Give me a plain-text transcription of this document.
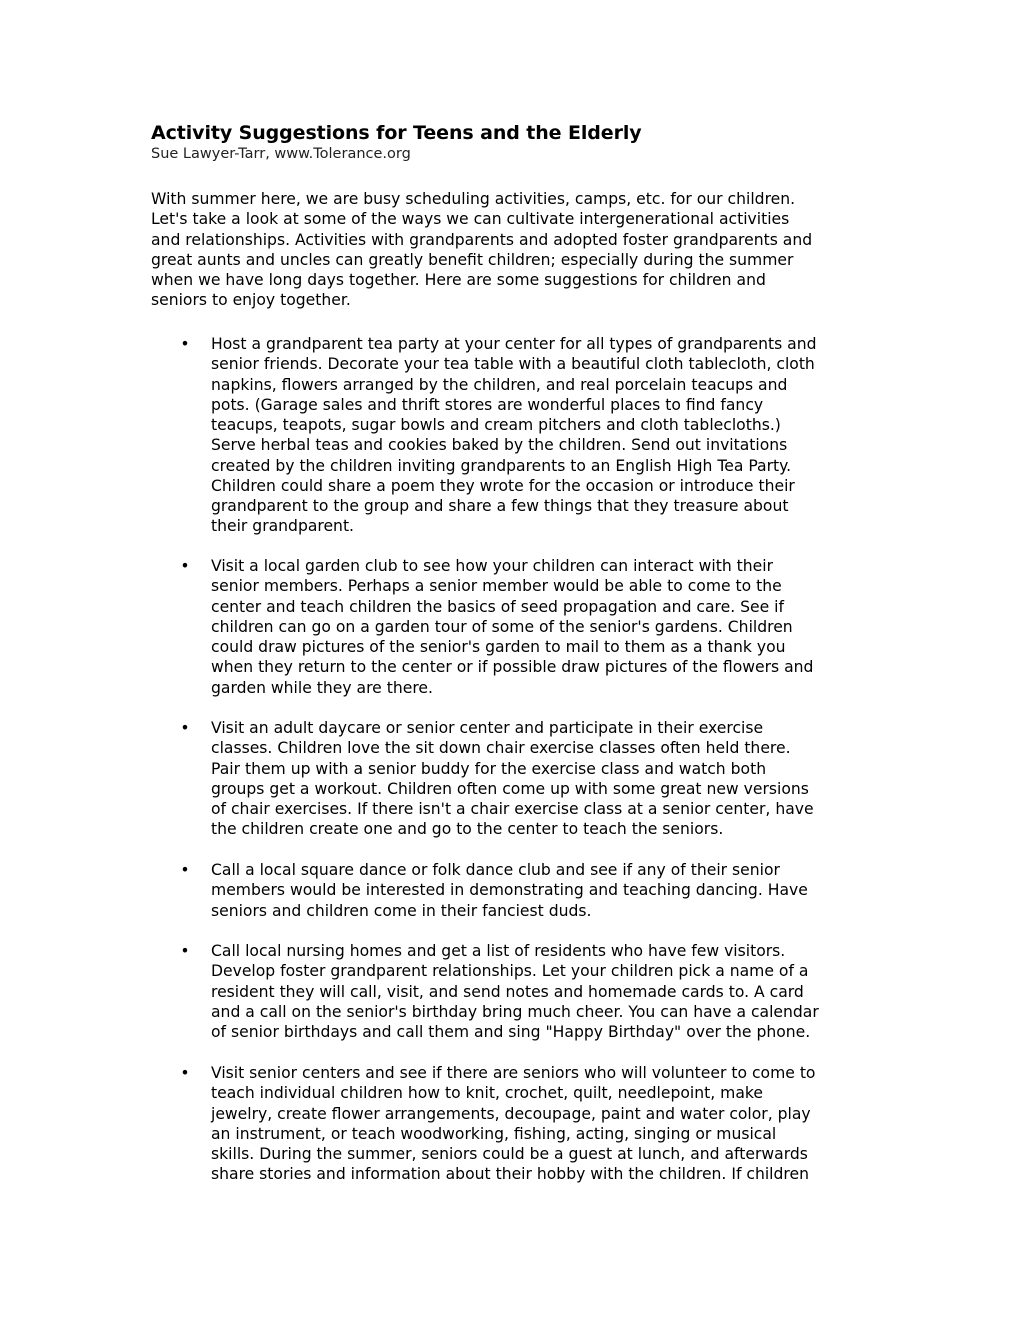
Activity Suggestions for Teens and the Elderly
Sue Lawyer-Tarr, www.Tolerance.org
With summer here, we are busy scheduling activities, camps, etc. for our children.
Let's take a look at some of the ways we can cultivate intergenerational activities
and relationships. Activities with grandparents and adopted foster grandparents and
great aunts and uncles can greatly benefit children; especially during the summer
when we have long days together. Here are some suggestions for children and
seniors to enjoy together.
• Host a grandparent tea party at your center for all types of grandparents and
senior friends. Decorate your tea table with a beautiful cloth tablecloth, cloth
napkins, flowers arranged by the children, and real porcelain teacups and
pots. (Garage sales and thrift stores are wonderful places to find fancy
teacups, teapots, sugar bowls and cream pitchers and cloth tablecloths.)
Serve herbal teas and cookies baked by the children. Send out invitations
created by the children inviting grandparents to an English High Tea Party.
Children could share a poem they wrote for the occasion or introduce their
grandparent to the group and share a few things that they treasure about
their grandparent.
• Visit a local garden club to see how your children can interact with their
senior members. Perhaps a senior member would be able to come to the
center and teach children the basics of seed propagation and care. See if
children can go on a garden tour of some of the senior's gardens. Children
could draw pictures of the senior's garden to mail to them as a thank you
when they return to the center or if possible draw pictures of the flowers and
garden while they are there.
• Visit an adult daycare or senior center and participate in their exercise
classes. Children love the sit down chair exercise classes often held there.
Pair them up with a senior buddy for the exercise class and watch both
groups get a workout. Children often come up with some great new versions
of chair exercises. If there isn't a chair exercise class at a senior center, have
the children create one and go to the center to teach the seniors.
• Call a local square dance or folk dance club and see if any of their senior
members would be interested in demonstrating and teaching dancing. Have
seniors and children come in their fanciest duds.
• Call local nursing homes and get a list of residents who have few visitors.
Develop foster grandparent relationships. Let your children pick a name of a
resident they will call, visit, and send notes and homemade cards to. A card
and a call on the senior's birthday bring much cheer. You can have a calendar
of senior birthdays and call them and sing "Happy Birthday" over the phone.
• Visit senior centers and see if there are seniors who will volunteer to come to
teach individual children how to knit, crochet, quilt, needlepoint, make
jewelry, create flower arrangements, decoupage, paint and water color, play
an instrument, or teach woodworking, fishing, acting, singing or musical
skills. During the summer, seniors could be a guest at lunch, and afterwards
share stories and information about their hobby with the children. If children
